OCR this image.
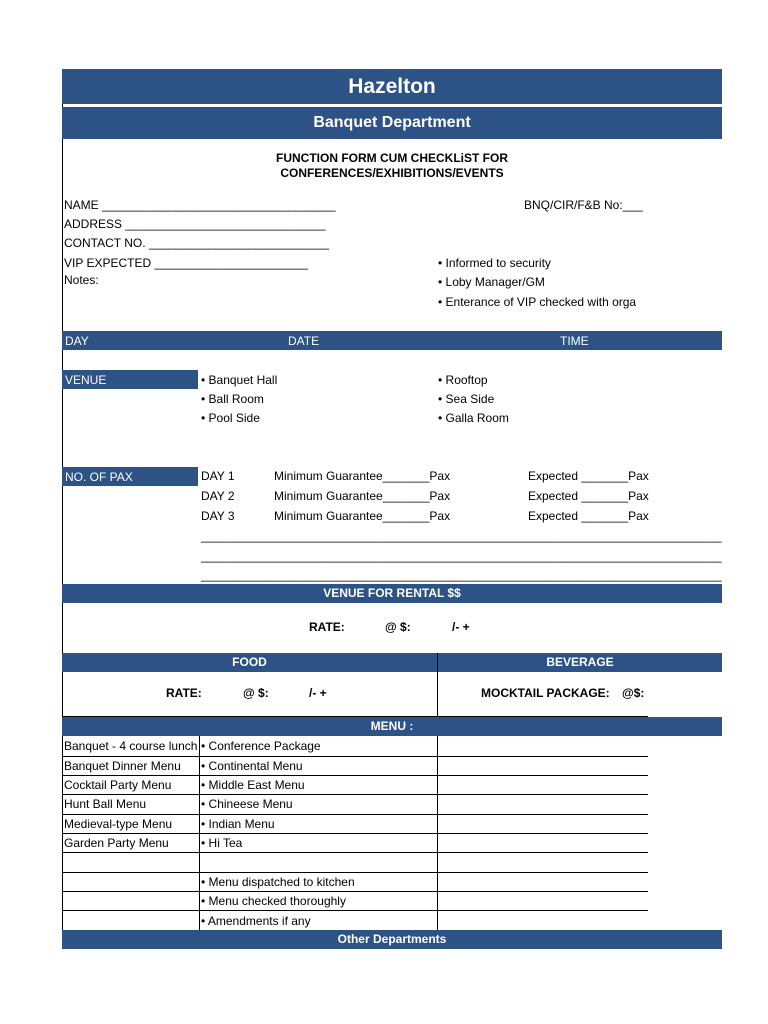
Hazelton
Banquet Department
FUNCTION FORM CUM CHECKLiST FOR
CONFERENCES/EXHIBITIONS/EVENTS
NAME ___________________________________
ADDRESS ______________________________
CONTACT NO. ___________________________
VIP EXPECTED _______________________
Notes:
BNQ/CIR/F&B No:___
• Informed to security
• Loby Manager/GM
• Enterance of VIP checked with orga
DAY	DATE	TIME
VENUE	• Banquet Hall
• Ball Room
• Pool Side
• Rooftop
• Sea Side
• Galla Room
NO. OF PAX	DAY 1	Minimum Guarantee_______Pax	Expected _______Pax
DAY 2	Minimum Guarantee_______Pax	Expected _______Pax
DAY 3	Minimum Guarantee_______Pax	Expected _______Pax
______________________________________________________________________________
______________________________________________________________________________
______________________________________________________________________________
VENUE FOR RENTAL $$
RATE:	@ $:	/- +
FOOD	BEVERAGE
RATE:	@ $:	/- +	MOCKTAIL PACKAGE: @$:
MENU :
Banquet - 4 course lunch • Conference Package
Banquet Dinner Menu	• Continental Menu
Cocktail Party Menu	• Middle East Menu
Hunt Ball Menu	• Chineese Menu
Medieval-type Menu	• Indian Menu
Garden Party Menu	• Hi Tea
• Menu dispatched to kitchen
• Menu checked thoroughly
• Amendments if any
Other Departments
